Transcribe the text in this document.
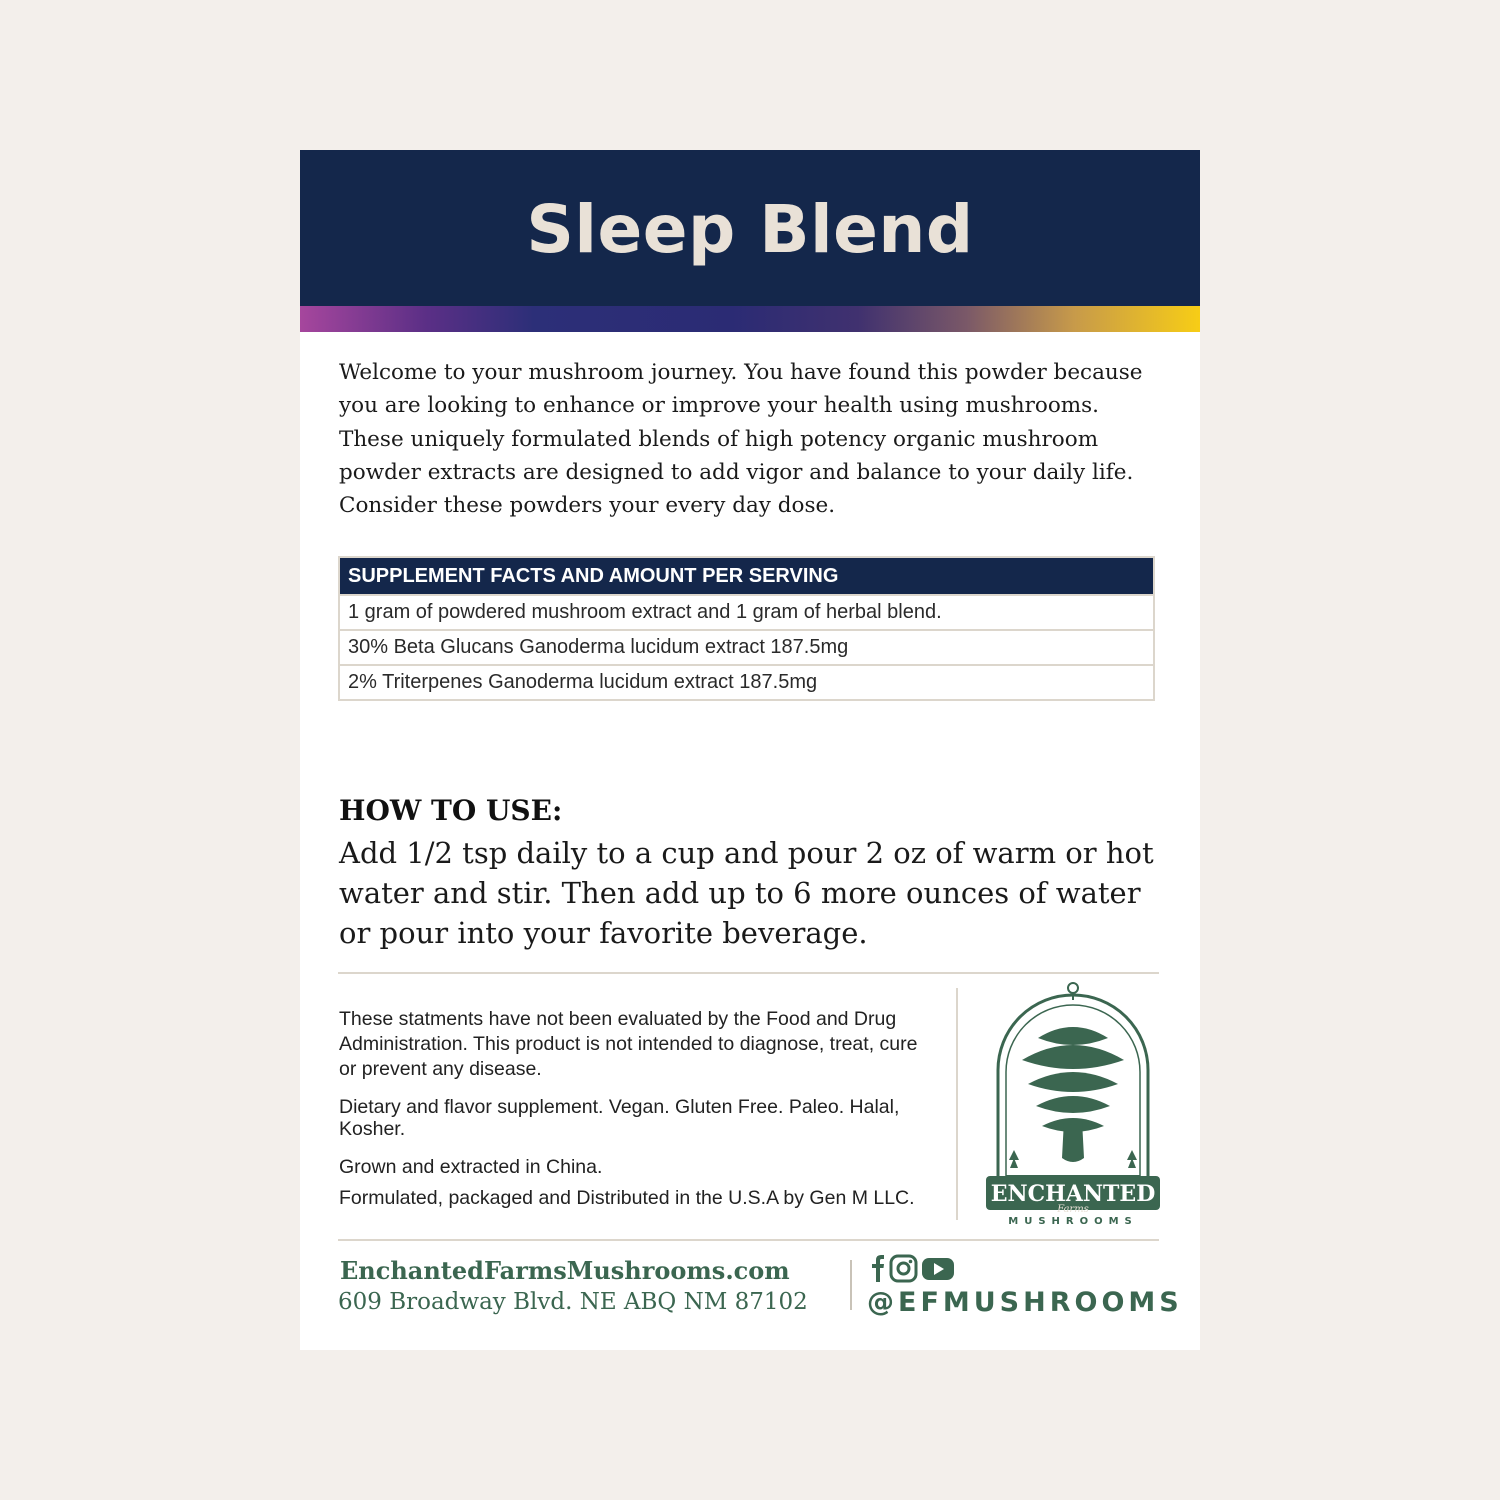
Sleep Blend

Welcome to your mushroom journey. You have found this powder because you are looking to enhance or improve your health using mushrooms. These uniquely formulated blends of high potency organic mushroom powder extracts are designed to add vigor and balance to your daily life. Consider these powders your every day dose.

SUPPLEMENT FACTS AND AMOUNT PER SERVING
1 gram of powdered mushroom extract and 1 gram of herbal blend.
30% Beta Glucans Ganoderma lucidum extract 187.5mg
2% Triterpenes Ganoderma lucidum extract 187.5mg
HOW TO USE:

Add 1/2 tsp daily to a cup and pour 2 oz of warm or hot water and stir. Then add up to 6 more ounces of water or pour into your favorite beverage.

These statments have not been evaluated by the Food and Drug Administration. This product is not intended to diagnose, treat, cure or prevent any disease.

Dietary and flavor supplement. Vegan. Gluten Free. Paleo. Halal, Kosher.

Grown and extracted in China.

Formulated, packaged and Distributed in the U.S.A by Gen M LLC.	ENCHANTED
Farms
MUSHROOMS
EnchantedFarmsMushrooms.com
609 Broadway Blvd. NE ABQ NM 87102 @EFMUSHROOMS
